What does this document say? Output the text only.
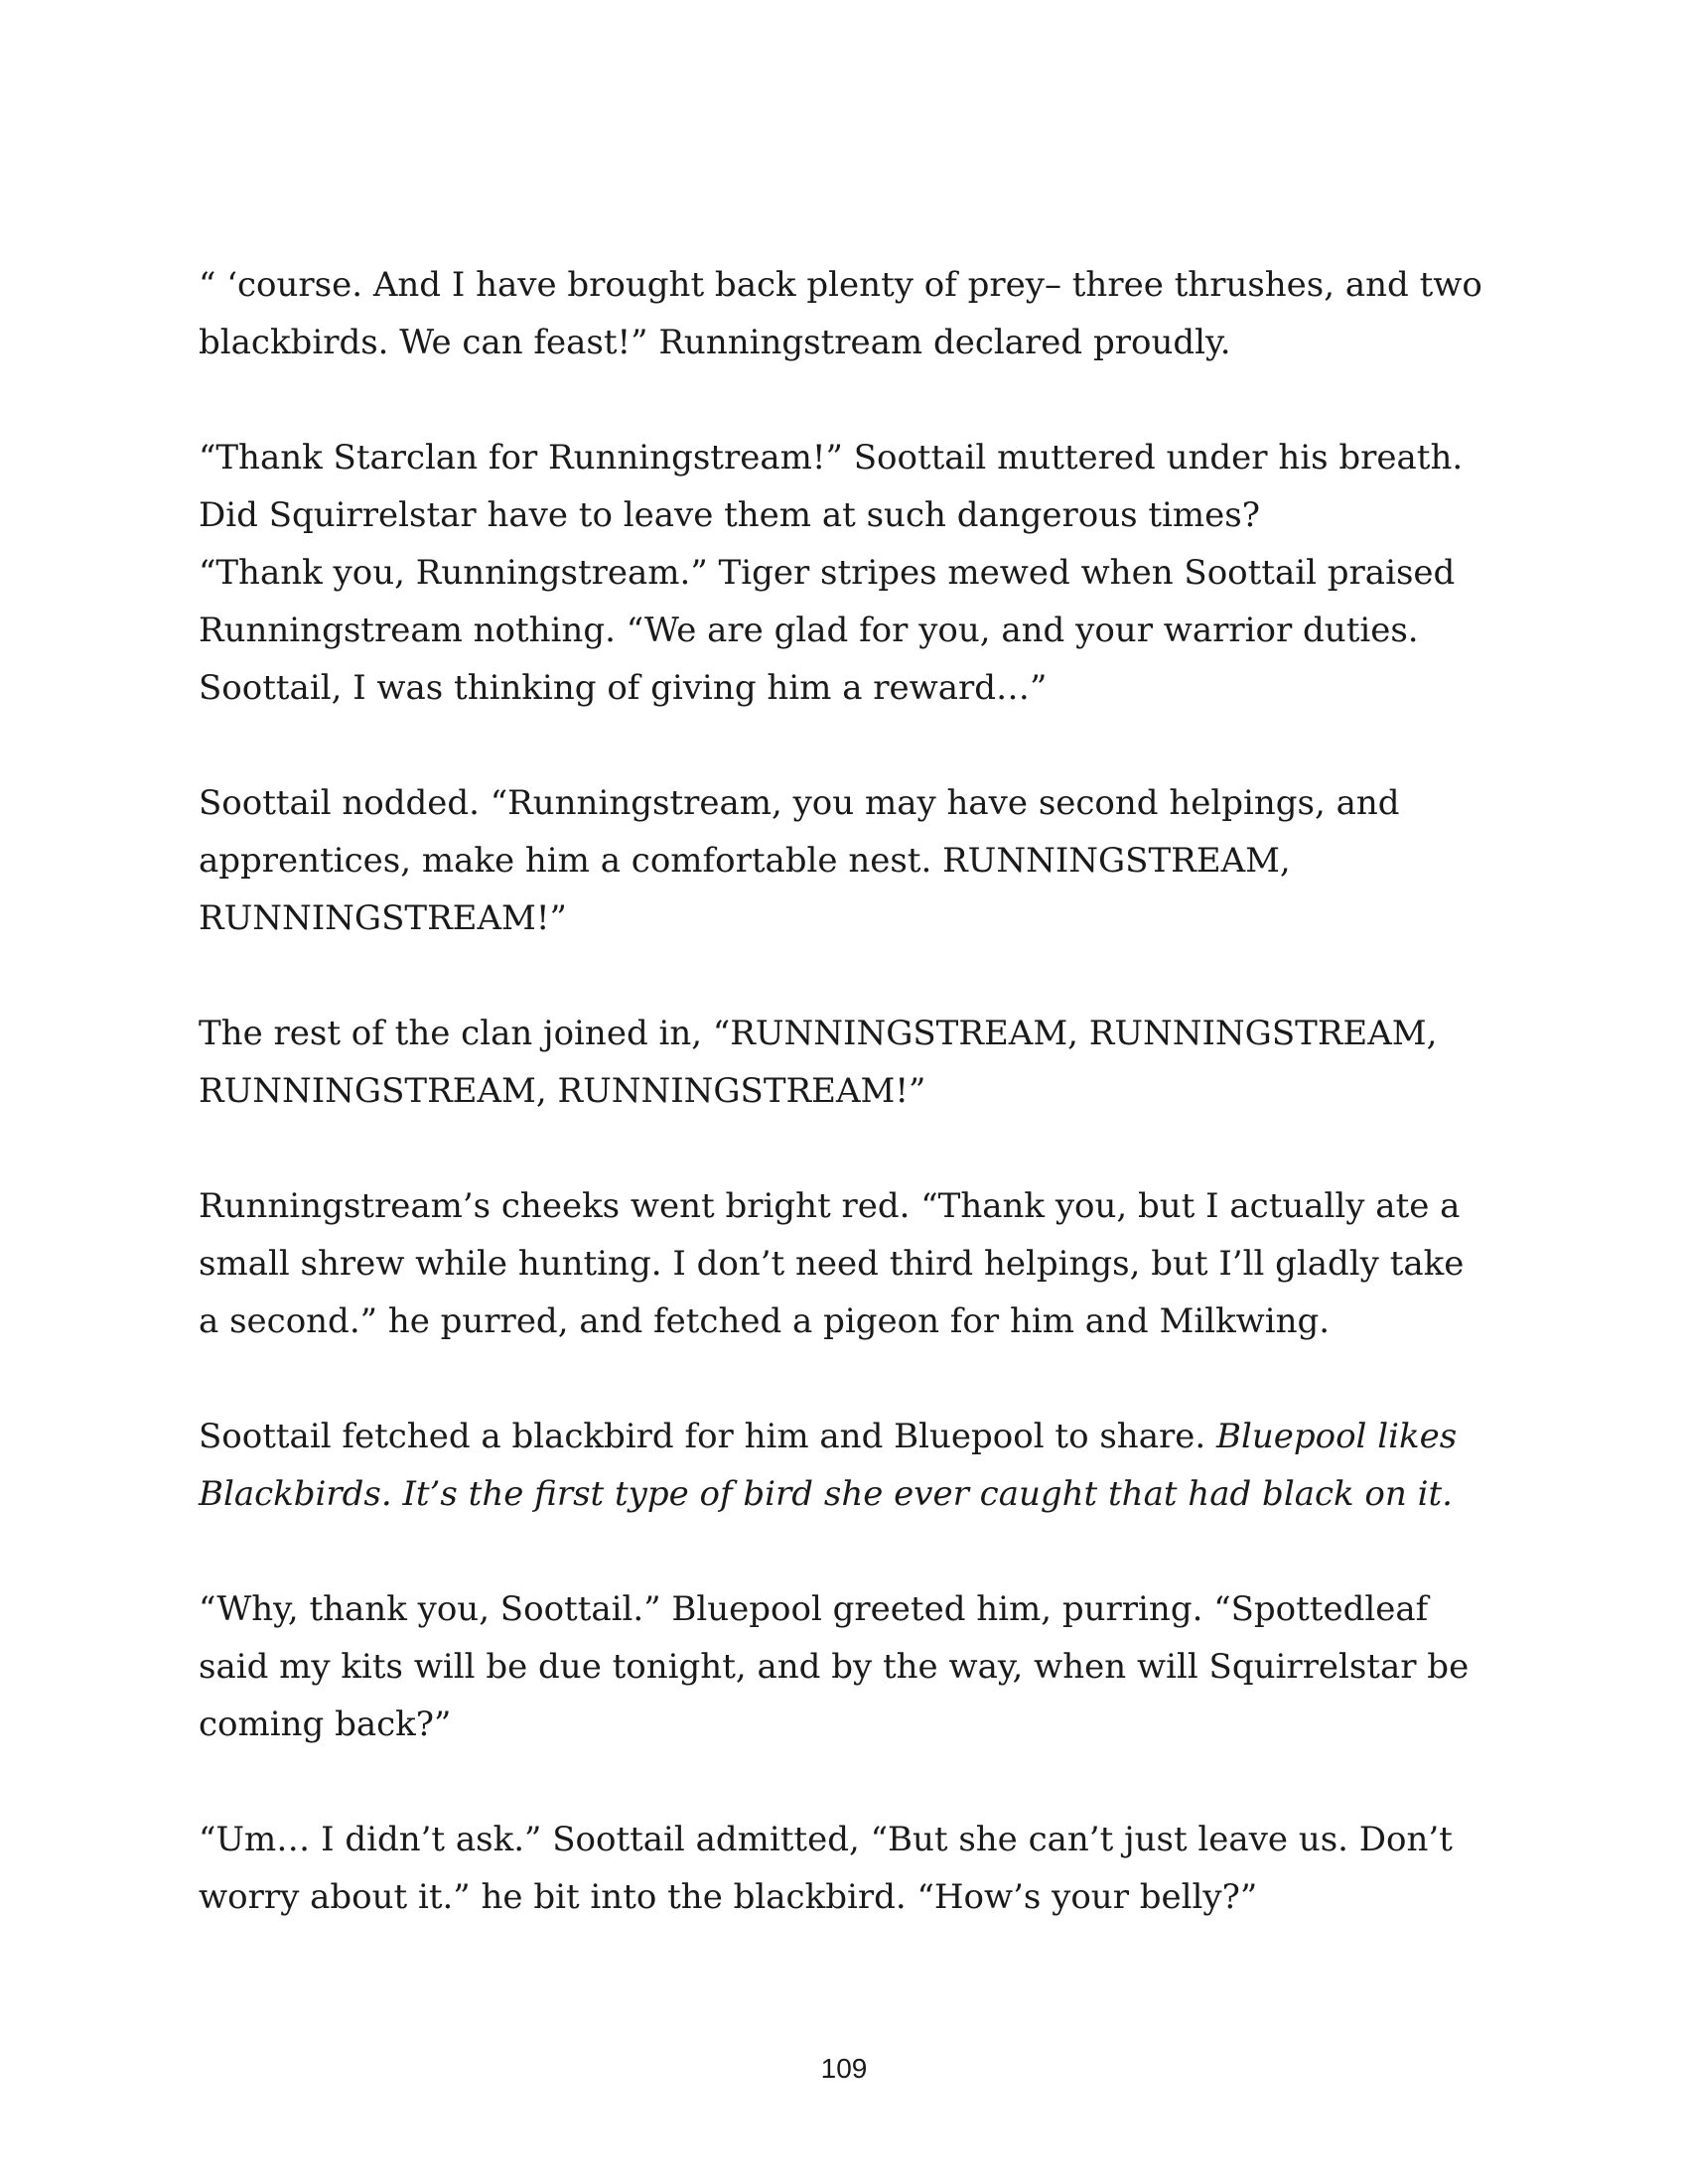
“ ‘course. And I have brought back plenty of prey– three thrushes, and two blackbirds. We can feast!” Runningstream declared proudly.

“Thank Starclan for Runningstream!” Soottail muttered under his breath. Did Squirrelstar have to leave them at such dangerous times?

“Thank you, Runningstream.” Tiger stripes mewed when Soottail praised Runningstream nothing. “We are glad for you, and your warrior duties. Soottail, I was thinking of giving him a reward…”

Soottail nodded. “Runningstream, you may have second helpings, and apprentices, make him a comfortable nest. RUNNINGSTREAM, RUNNINGSTREAM!”

The rest of the clan joined in, “RUNNINGSTREAM, RUNNINGSTREAM, RUNNINGSTREAM, RUNNINGSTREAM!”

Runningstream’s cheeks went bright red. “Thank you, but I actually ate a small shrew while hunting. I don’t need third helpings, but I’ll gladly take a second.” he purred, and fetched a pigeon for him and Milkwing.

Soottail fetched a blackbird for him and Bluepool to share. Bluepool likes Blackbirds. It’s the first type of bird she ever caught that had black on it.

“Why, thank you, Soottail.” Bluepool greeted him, purring. “Spottedleaf said my kits will be due tonight, and by the way, when will Squirrelstar be coming back?”

“Um… I didn’t ask.” Soottail admitted, “But she can’t just leave us. Don’t worry about it.” he bit into the blackbird. “How’s your belly?”

109
